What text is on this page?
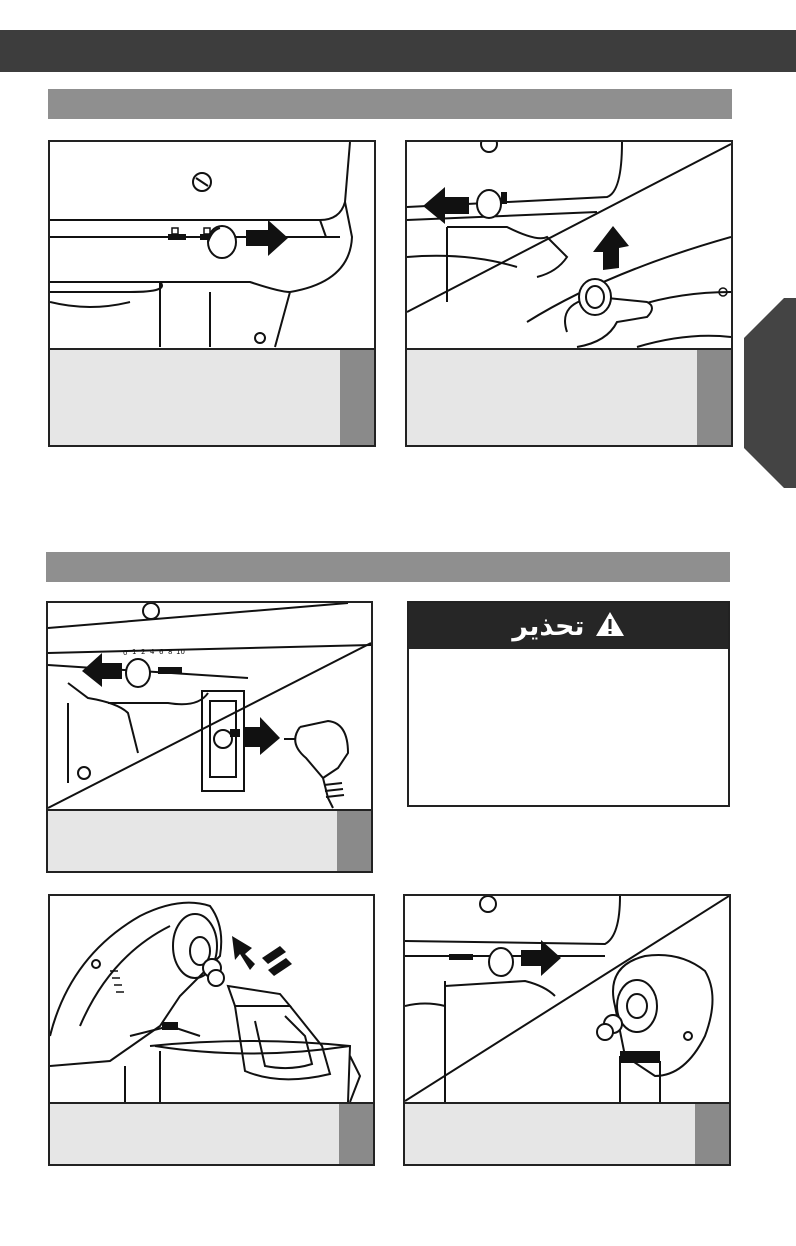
0 1 2 4 6 8 10
تحذير
